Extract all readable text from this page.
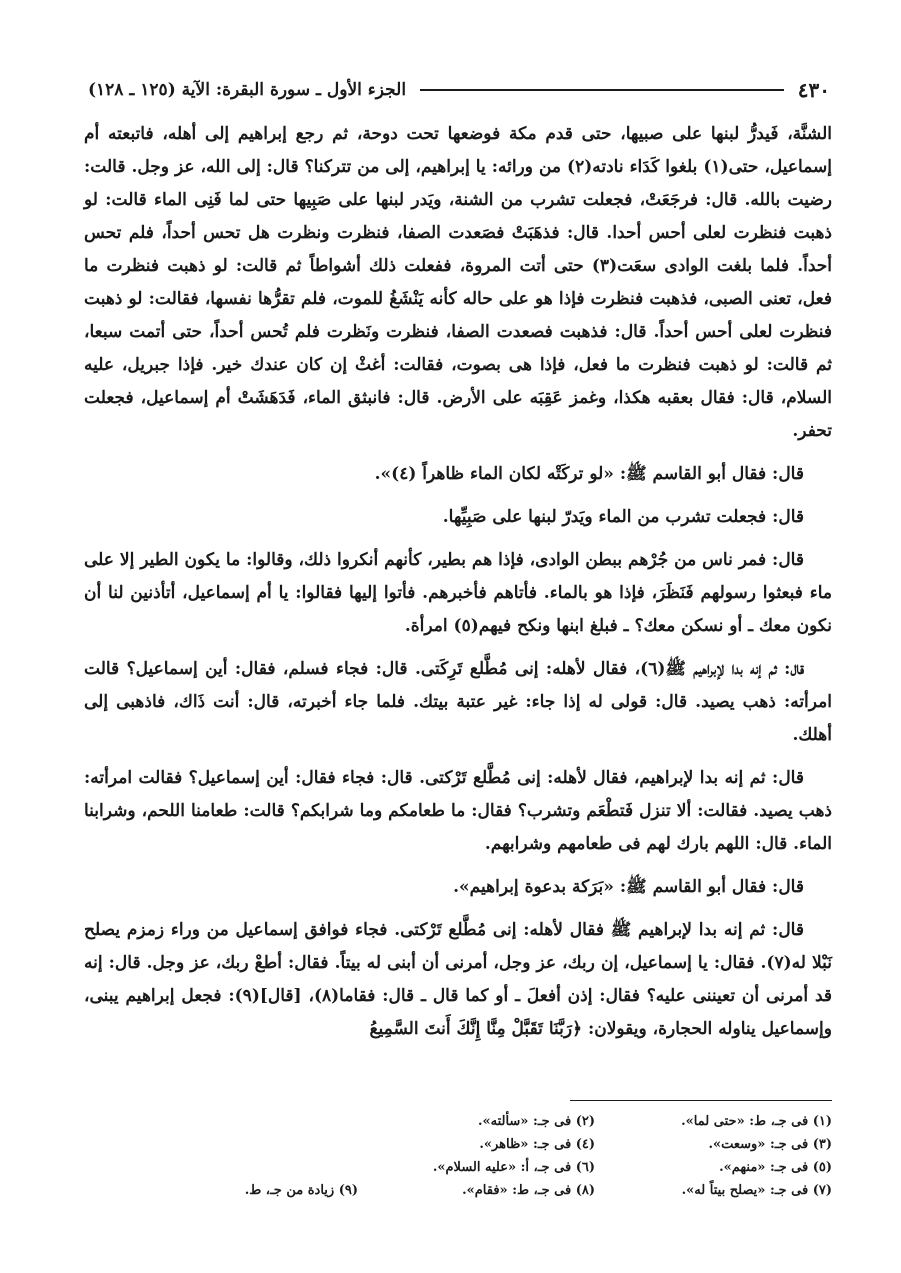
٤٣٠
الجزء الأول ـ سورة البقرة: الآية (١٢٥ ـ ١٢٨)

الشنَّة، فَيدرُّ لبنها على صبيها، حتى قدم مكة فوضعها تحت دوحة، ثم رجع إبراهيم إلى أهله، فاتبعته أم إسماعيل، حتى(١) بلغوا كَدَاء نادته(٢) من ورائه: يا إبراهيم، إلى من تتركنا؟ قال: إلى الله، عز وجل. قالت: رضيت بالله. قال: فرجَعَتْ، فجعلت تشرب من الشنة، ويَدر لبنها على صَبِيها حتى لما فَنِى الماء قالت: لو ذهبت فنظرت لعلى أحس أحدا. قال: فذهَبَتْ فصَعدت الصفا، فنظرت ونظرت هل تحس أحداً، فلم تحس أحداً. فلما بلغت الوادى سعَت(٣) حتى أتت المروة، ففعلت ذلك أشواطاً ثم قالت: لو ذهبت فنظرت ما فعل، تعنى الصبى، فذهبت فنظرت فإذا هو على حاله كأنه يَنْشَغُ للموت، فلم تقرُّها نفسها، فقالت: لو ذهبت فنظرت لعلى أحس أحداً. قال: فذهبت فصعدت الصفا، فنظرت ونَظرت فلم تُحس أحداً، حتى أتمت سبعا، ثم قالت: لو ذهبت فنظرت ما فعل، فإذا هى بصوت، فقالت: أغثْ إن كان عندك خير. فإذا جبريل، عليه السلام، قال: فقال بعقبه هكذا، وغمز عَقِبَه على الأرض. قال: فانبثق الماء، فَدَهَشَتْ أم إسماعيل، فجعلت تحفر.

قال: فقال أبو القاسم ﷺ: «لو تركَتْه لكان الماء ظاهراً (٤)».

قال: فجعلت تشرب من الماء ويَدرّ لبنها على صَبِيِّها.

قال: فمر ناس من جُرْهم ببطن الوادى، فإذا هم بطير، كأنهم أنكروا ذلك، وقالوا: ما يكون الطير إلا على ماء فبعثوا رسولهم فَنَظَرَ، فإذا هو بالماء. فأتاهم فأخبرهم. فأتوا إليها فقالوا: يا أم إسماعيل، أتأذنين لنا أن نكون معك ـ أو نسكن معك؟ ـ فبلغ ابنها ونكح فيهم(٥) امرأة.

قال: ثم إنه بدا لإبراهيم ﷺ(٦)، فقال لأهله: إنى مُطَّلع تَرِكَتى. قال: فجاء فسلم، فقال: أين إسماعيل؟ قالت امرأته: ذهب يصيد. قال: قولى له إذا جاء: غير عتبة بيتك. فلما جاء أخبرته، قال: أنت ذَاك، فاذهبى إلى أهلك.

قال: ثم إنه بدا لإبراهيم، فقال لأهله: إنى مُطَّلع تَرْكتى. قال: فجاء فقال: أين إسماعيل؟ فقالت امرأته: ذهب يصيد. فقالت: ألا تنزل فَتطْعَم وتشرب؟ فقال: ما طعامكم وما شرابكم؟ قالت: طعامنا اللحم، وشرابنا الماء. قال: اللهم بارك لهم فى طعامهم وشرابهم.

قال: فقال أبو القاسم ﷺ: «بَرَكة بدعوة إبراهيم».

قال: ثم إنه بدا لإبراهيم ﷺ فقال لأهله: إنى مُطَّلع تَرْكتى. فجاء فوافق إسماعيل من وراء زمزم يصلح نَبْلا له(٧). فقال: يا إسماعيل، إن ربك، عز وجل، أمرنى أن أبنى له بيتاً. فقال: أطعْ ربك، عز وجل. قال: إنه قد أمرنى أن تعيننى عليه؟ فقال: إذن أفعلَ ـ أو كما قال ـ قال: فقاما(٨)، [قال](٩): فجعل إبراهيم يبنى، وإسماعيل يناوله الحجارة، ويقولان: ﴿رَبَّنَا تَقَبَّلْ مِنَّا إِنَّكَ أَنتَ السَّمِيعُ

(١) فى جـ، ط: «حتى لما».
(٢) فى جـ: «سألته».
(٣) فى جـ: «وسعت».
(٤) فى جـ: «ظاهر».
(٥) فى جـ: «منهم».
(٦) فى جـ، أ: «عليه السلام».
(٧) فى جـ: «يصلح بيتاً له».
(٨) فى جـ، ط: «فقام».
(٩) زيادة من جـ، ط.
